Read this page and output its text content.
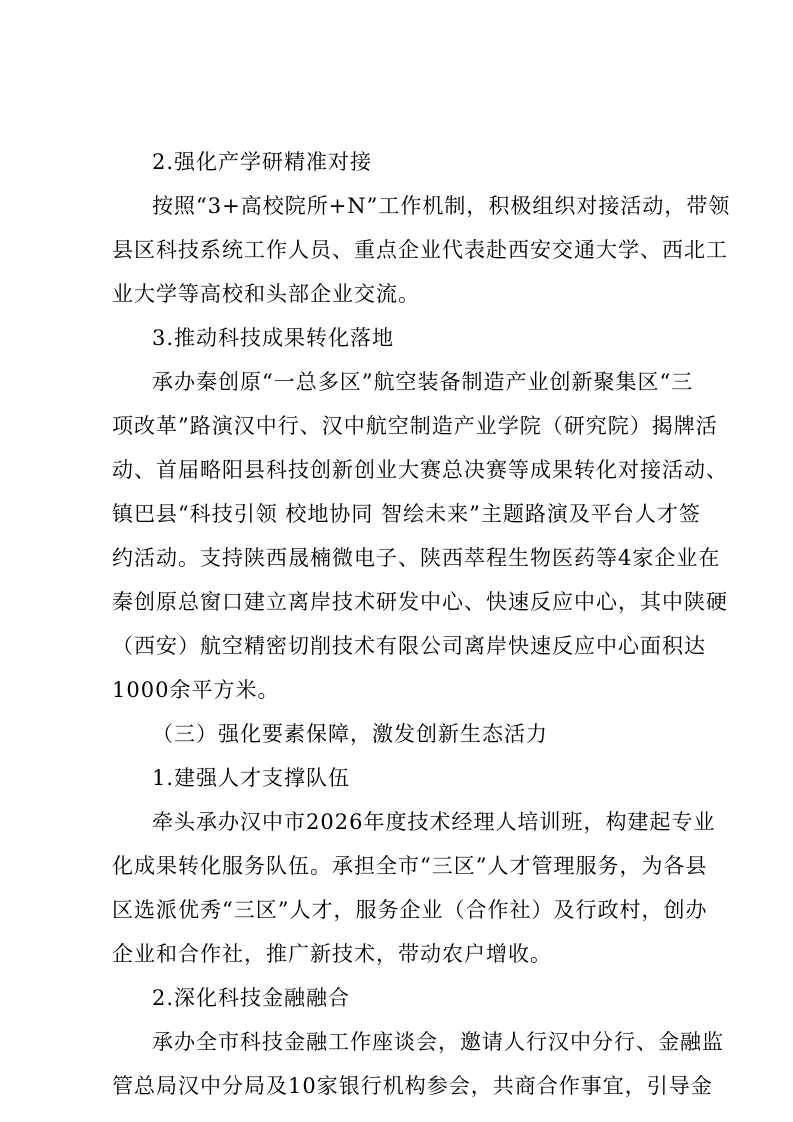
2.强化产学研精准对接
按照“3+高校院所+N”工作机制，积极组织对接活动，带领
县区科技系统工作人员、重点企业代表赴西安交通大学、西北工
业大学等高校和头部企业交流。
3.推动科技成果转化落地
承办秦创原“一总多区”航空装备制造产业创新聚集区“三
项改革”路演汉中行、汉中航空制造产业学院（研究院）揭牌活
动、首届略阳县科技创新创业大赛总决赛等成果转化对接活动、
镇巴县“科技引领 校地协同 智绘未来”主题路演及平台人才签
约活动。支持陕西晟楠微电子、陕西萃程生物医药等4家企业在
秦创原总窗口建立离岸技术研发中心、快速反应中心，其中陕硬
（西安）航空精密切削技术有限公司离岸快速反应中心面积达
1000余平方米。
（三）强化要素保障，激发创新生态活力
1.建强人才支撑队伍
牵头承办汉中市2026年度技术经理人培训班，构建起专业
化成果转化服务队伍。承担全市“三区”人才管理服务，为各县
区选派优秀“三区”人才，服务企业（合作社）及行政村，创办
企业和合作社，推广新技术，带动农户增收。
2.深化科技金融融合
承办全市科技金融工作座谈会，邀请人行汉中分行、金融监
管总局汉中分局及10家银行机构参会，共商合作事宜，引导金
